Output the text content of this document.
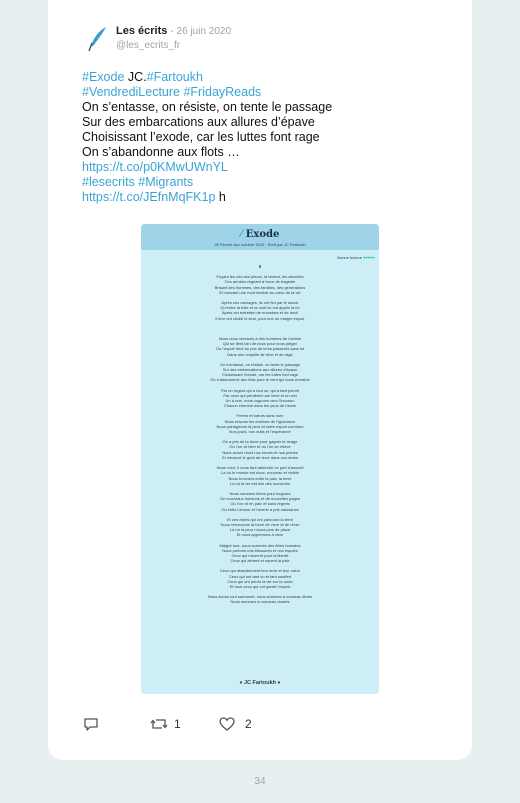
Les écrits - 26 juin 2020
@les_ecrits_fr
#Exode JC.#Fartoukh
#VendrediLecture #FridayReads
On s’entasse, on résiste, on tente le passage
Sur des embarcations aux allures d’épave
Choisissant l’exode, car les luttes font rage
On s’abandonne aux flots …
https://t.co/p0KMwUWnYL
#lesecrits #Migrants
https://t.co/JEfnMqFK1p h
⁄ Exode
26 Février-Apr octobre 2019 · Écrit par JC Fartoukh
Bonne lecture ♥♥♥♥♥
Ⅲ
Fuyant les cris des pleurs, la terreur, les atrocités
Ces armées régnant à force de tragédie
Brisant des hommes, des familles, des générations
Et ravivant une mort terrible au cœur de la vie
Après ces carnages, ils ont fini par le savoir
Qu’entre la fuite et la mort ils ont appris la foi
Après cet entretien de monstres et de deuil
Il leur ont choisi le seul, pour eux un maigre espoir
·
Nous nous vendons à des hommes de l’ombre
Qui se tient loin de nous pour nous piéger
Où l’espoir tient au prix de leurs passeurs sans foi
Dans une coquille de rêve et de rage
On s’entasse, on résiste, on tente le passage
Sur des embarcations aux allures d’épave
Choisissant l’exode, car les luttes font rage
On s’abandonne aux flots pour le vent qui nous entraîne
Par un regard qui a tout vu, qui a tant pleuré
Par ceux qui perdirent une terre et un ciel
Un à une, nous voguons vers l’inconnu
Chacun cherche dans les yeux de l’autre
Frères et sœurs sans nom
Nous brisons les chaînes de l’ignorance
Nous partageons la peur et notre espoir commun
Nos jours, nos nuits et l’espérance
On a pris de la force pour gagner le rivage
Où l’on vit bien et où l’on se relève
Nous avons réuni nos forces et nos peines
Et retrouvé le goût de vivre dans nos âmes
Nous voici, il nous faut atteindre ce port d’accueil
Là où le monde est doux, nouveau et visible
Nous trouvons enfin la paix, la terre
Là où la vie est loin des souvenirs
Nous sommes libres pour toujours
De nouveaux horizons et de nouvelles pages
Où l’on vit en paix et sans regrets
Où enfin l’amour et l’avenir a pris naissance
Et ces exilés qui ont parcouru la terre
Nous retrouvons la force de vivre et de rêver
Là où la peur n’aura plus de place
Et nous apprenons à vivre
Malgré tout, nous sommes des êtres humains
Nous portons nos blessures et nos espoirs
Ceux qui meurent pour la liberté
Ceux qui aiment et savent la paix
Ceux qui abandonnent leur terre et leur cœur
Ceux qui ont tant vu et tant souffert
Ceux qui ont perdu la vie sur la route
Et tous ceux qui ont gardé l’espoir
Nous avons tout surmonté, nous sommes à nouveau libres
Nous sommes à nouveau vivants
♦ JC Fartoukh ♦
1	2
34
